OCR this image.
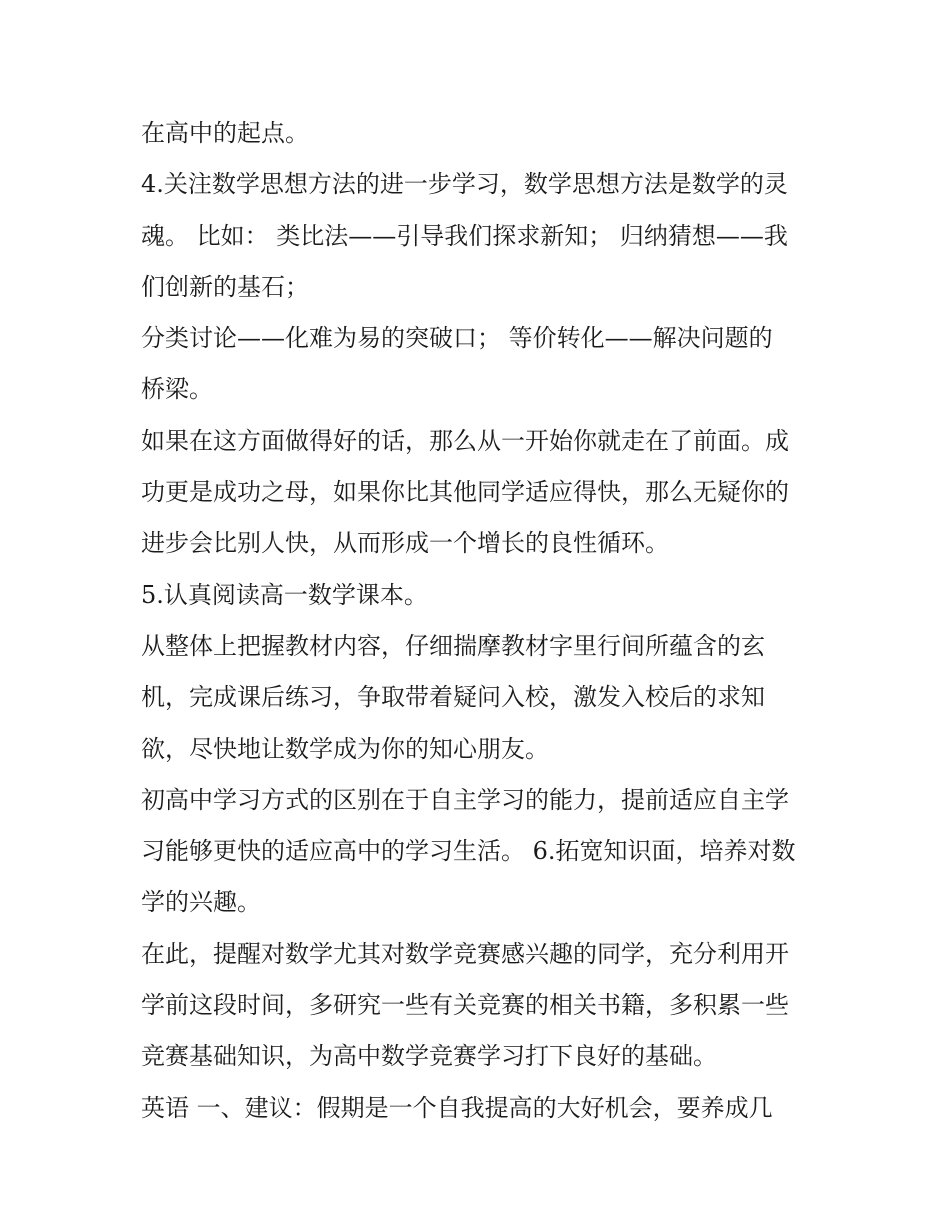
在高中的起点。
4.关注数学思想方法的进一步学习，数学思想方法是数学的灵
魂。 比如： 类比法——引导我们探求新知； 归纳猜想——我
们创新的基石；
分类讨论——化难为易的突破口； 等价转化——解决问题的
桥梁。
如果在这方面做得好的话，那么从一开始你就走在了前面。成
功更是成功之母，如果你比其他同学适应得快，那么无疑你的
进步会比别人快，从而形成一个增长的良性循环。
5.认真阅读高一数学课本。
从整体上把握教材内容，仔细揣摩教材字里行间所蕴含的玄
机，完成课后练习，争取带着疑问入校，激发入校后的求知
欲，尽快地让数学成为你的知心朋友。
初高中学习方式的区别在于自主学习的能力，提前适应自主学
习能够更快的适应高中的学习生活。 6.拓宽知识面，培养对数
学的兴趣。
在此，提醒对数学尤其对数学竞赛感兴趣的同学，充分利用开
学前这段时间，多研究一些有关竞赛的相关书籍，多积累一些
竞赛基础知识，为高中数学竞赛学习打下良好的基础。
英语 一、建议：假期是一个自我提高的大好机会，要养成几
